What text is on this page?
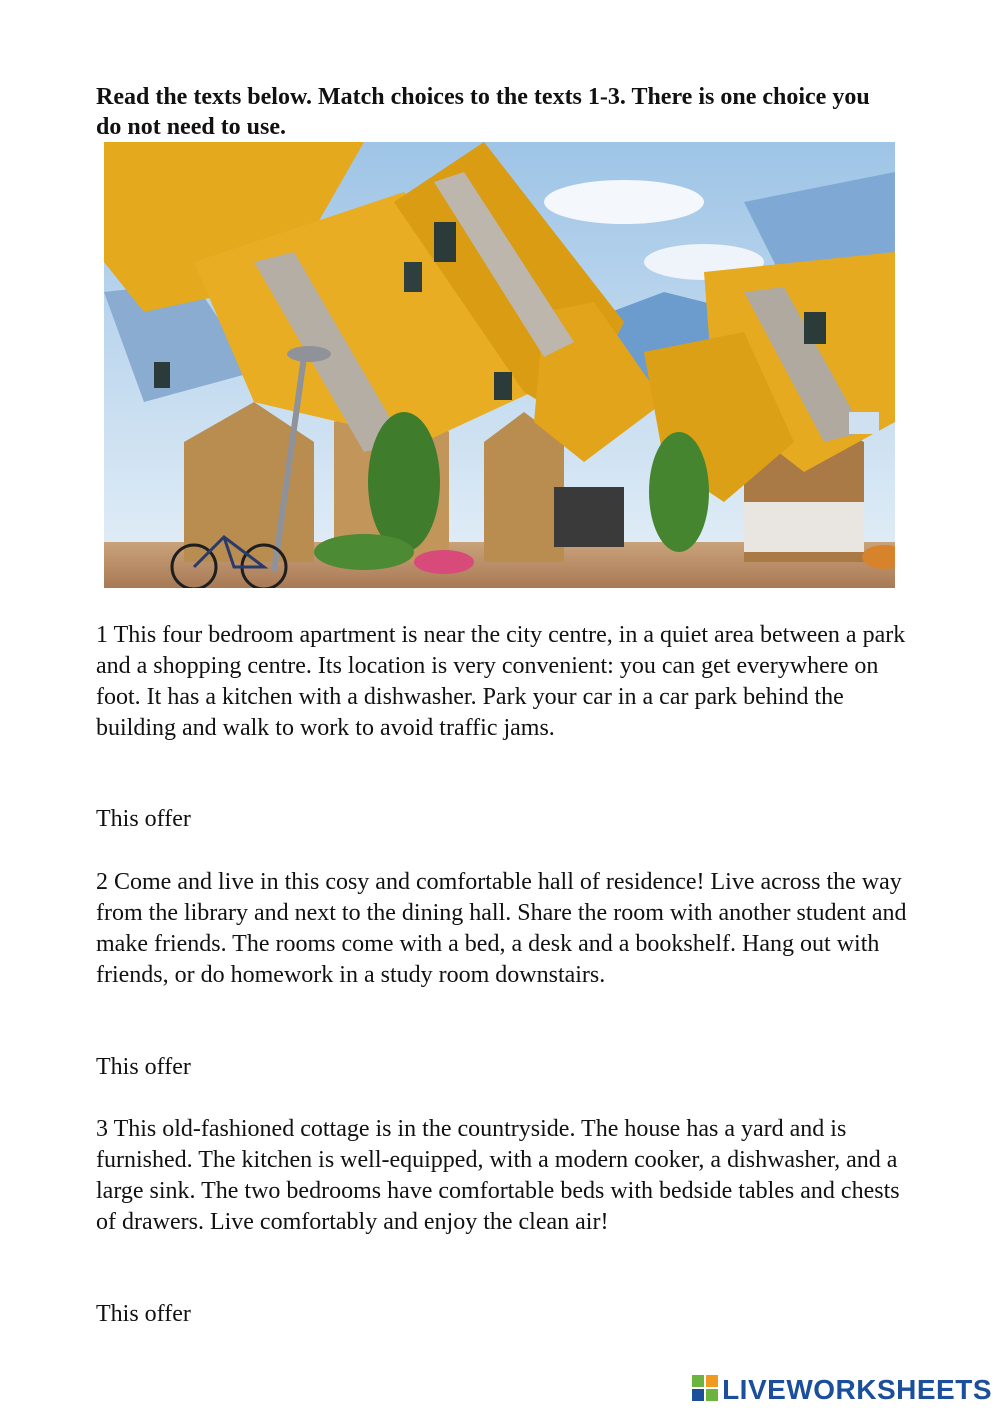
Read the texts below. Match choices to the texts 1-3. There is one choice you do not need to use.

1 This four bedroom apartment is near the city centre, in a quiet area between a park and a shopping centre. Its location is very convenient: you can get everywhere on foot. It has a kitchen with a dishwasher. Park your car in a car park behind the building and walk to work to avoid traffic jams.

This offer

2 Come and live in this cosy and comfortable hall of residence! Live across the way from the library and next to the dining hall. Share the room with another student and make friends. The rooms come with a bed, a desk and a bookshelf. Hang out with friends, or do homework in a study room downstairs.

This offer

3 This old-fashioned cottage is in the countryside. The house has a yard and is furnished. The kitchen is well-equipped, with a modern cooker, a dishwasher, and a large sink. The two bedrooms have comfortable beds with bedside tables and chests of drawers. Live comfortably and enjoy the clean air!

This offer

LIVEWORKSHEETS
